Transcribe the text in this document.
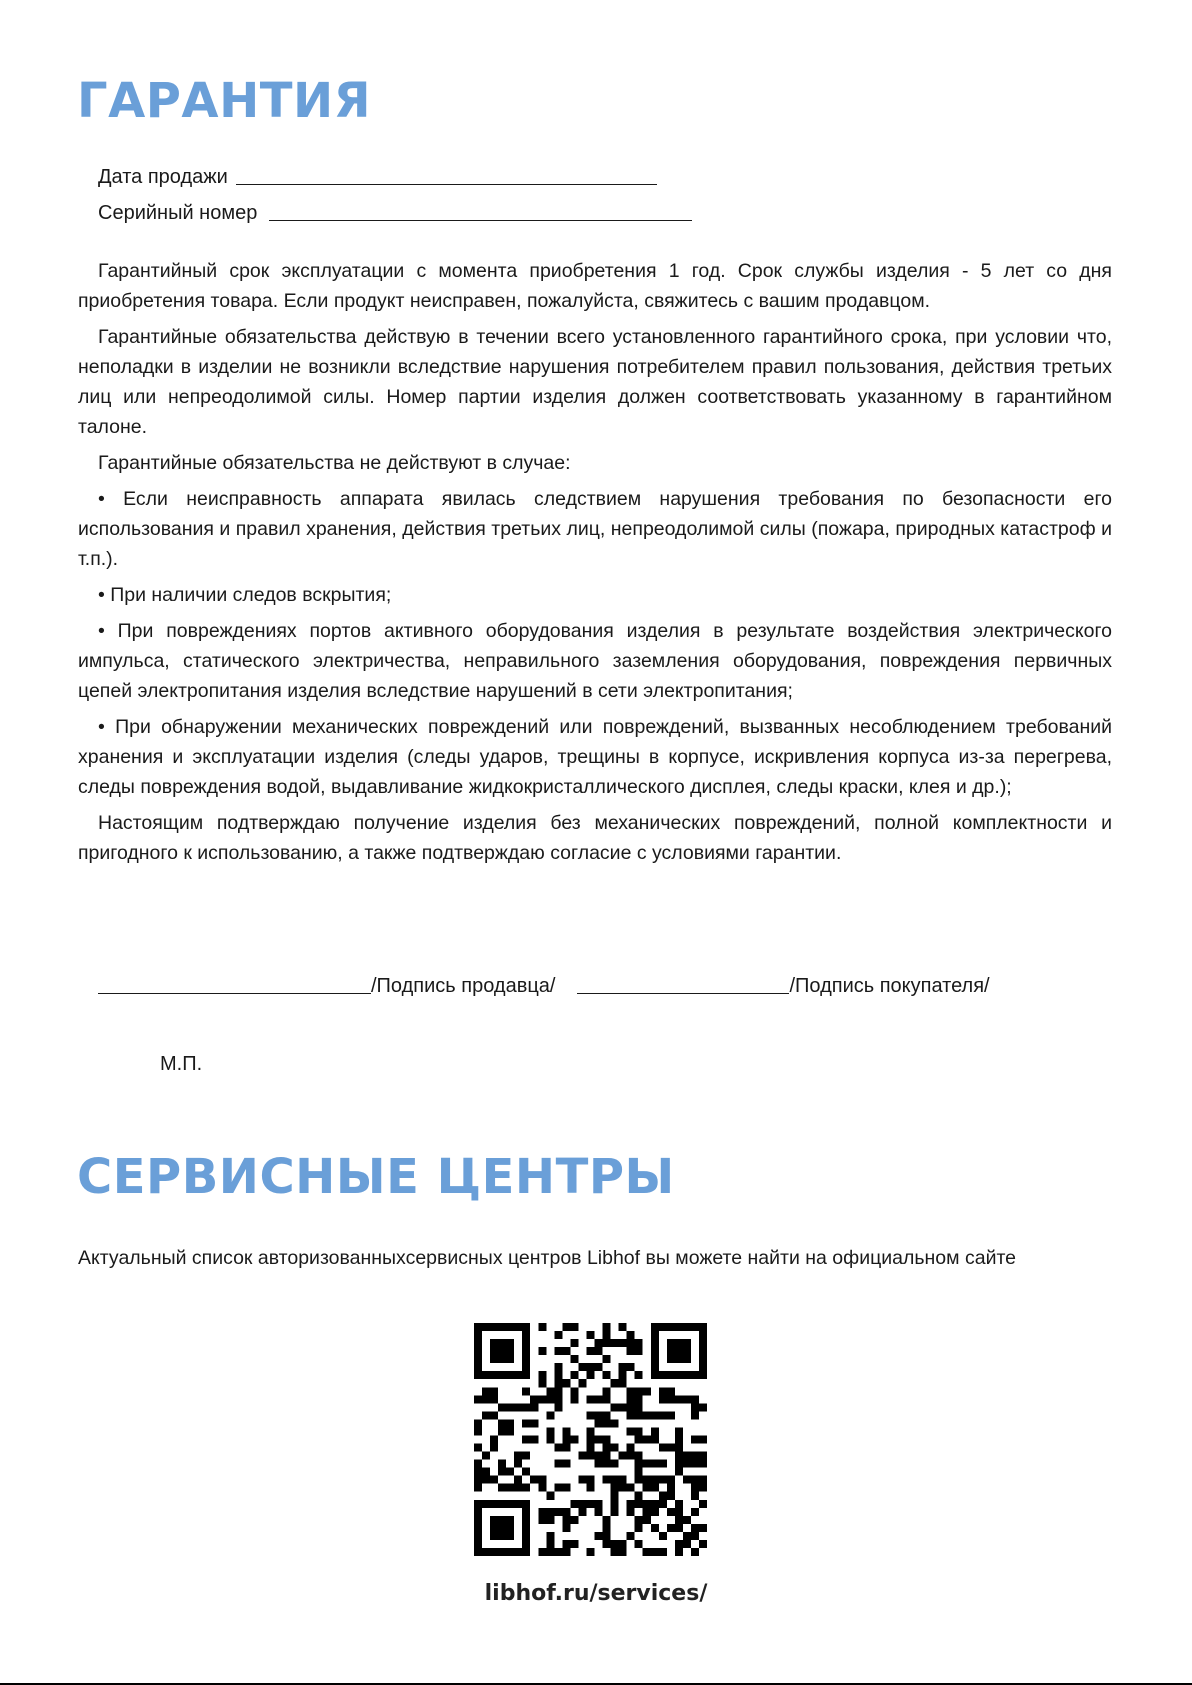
ГАРАНТИЯ
Дата продажи
Серийный номер

Гарантийный срок эксплуатации с момента приобретения 1 год. Срок службы изделия - 5 лет со дня приобретения товара. Если продукт неисправен, пожалуйста, свяжитесь с вашим продавцом.

Гарантийные обязательства действую в течении всего установленного гарантийного срока, при условии что, неполадки в изделии не возникли вследствие нарушения потребителем правил пользования, действия третьих лиц или непреодолимой силы. Номер партии изделия должен соответствовать указанному в гарантийном талоне.

Гарантийные обязательства не действуют в случае:

• Если неисправность аппарата явилась следствием нарушения требования по безопасности его использования и правил хранения, действия третьих лиц, непреодолимой силы (пожара, природных катастроф и т.п.).

• При наличии следов вскрытия;

• При повреждениях портов активного оборудования изделия в результате воздействия электрического импульса, статического электричества, неправильного заземления оборудования, повреждения первичных цепей электропитания изделия вследствие нарушений в сети электропитания;

• При обнаружении механических повреждений или повреждений, вызванных несоблюдением требований хранения и эксплуатации изделия (следы ударов, трещины в корпусе, искривления корпуса из-за перегрева, следы повреждения водой, выдавливание жидкокристаллического дисплея, следы краски, клея и др.);

Настоящим подтверждаю получение изделия без механических повреждений, полной комплектности и пригодного к использованию, а также подтверждаю согласие с условиями гарантии.

/Подпись продавца/	/Подпись покупателя/
М.П.
СЕРВИСНЫЕ ЦЕНТРЫ
Актуальный список авторизованныхсервисных центров Libhof вы можете найти на официальном сайте
libhof.ru/services/
